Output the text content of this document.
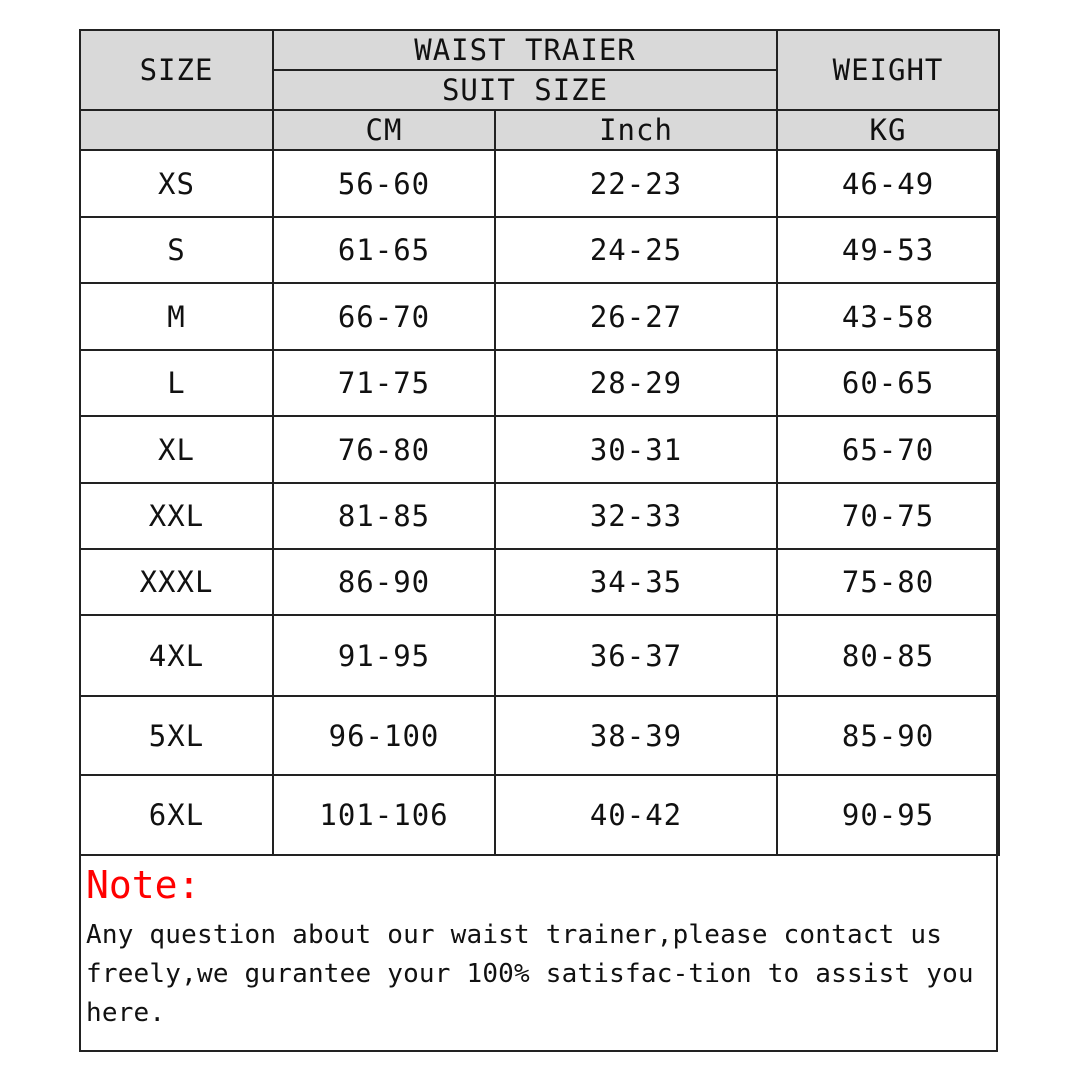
SIZE	WAIST TRAIER		WEIGHT
	SUIT SIZE		
	CM	Inch	KG
XS	56-60	22-23	46-49
S	61-65	24-25	49-53
M	66-70	26-27	43-58
L	71-75	28-29	60-65
XL	76-80	30-31	65-70
XXL	81-85	32-33	70-75
XXXL	86-90	34-35	75-80
4XL	91-95	36-37	80-85
5XL	96-100	38-39	85-90
6XL	101-106	40-42	90-95
Note:

Any question about our waist trainer,please contact us freely,we gurantee your 100% satisfac-tion to assist you here.
